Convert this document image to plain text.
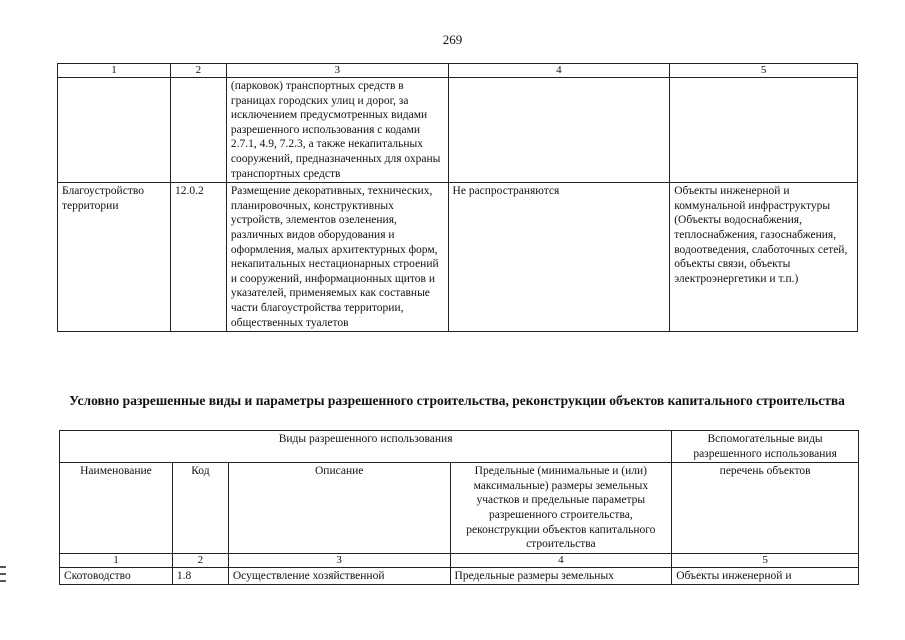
269
1	2	3	4	5
		(парковок) транспортных средств в границах городских улиц и дорог, за исключением предусмотренных видами разрешенного использования с кодами 2.7.1, 4.9, 7.2.3, а также некапитальных сооружений, предназначенных для охраны транспортных средств		
Благоустройство территории	12.0.2	Размещение декоративных, технических, планировочных, конструктивных устройств, элементов озеленения, различных видов оборудования и оформления, малых архитектурных форм, некапитальных нестационарных строений и сооружений, информационных щитов и указателей, применяемых как составные части благоустройства территории, общественных туалетов	Не распространяются	Объекты инженерной и коммунальной инфраструктуры (Объекты водоснабжения, теплоснабжения, газоснабжения, водоотведения, слаботочных сетей, объекты связи, объекты электроэнергетики и т.п.)
Условно разрешенные виды и параметры разрешенного строительства, реконструкции объектов капитального строительства
Виды разрешенного использования				Вспомогательные виды разрешенного использования
Наименование	Код	Описание	Предельные (минимальные и (или) максимальные) размеры земельных участков и предельные параметры разрешенного строительства, реконструкции объектов капитального строительства	перечень объектов
1	2	3	4	5
Скотоводство	1.8	Осуществление хозяйственной	Предельные размеры земельных	Объекты инженерной и
